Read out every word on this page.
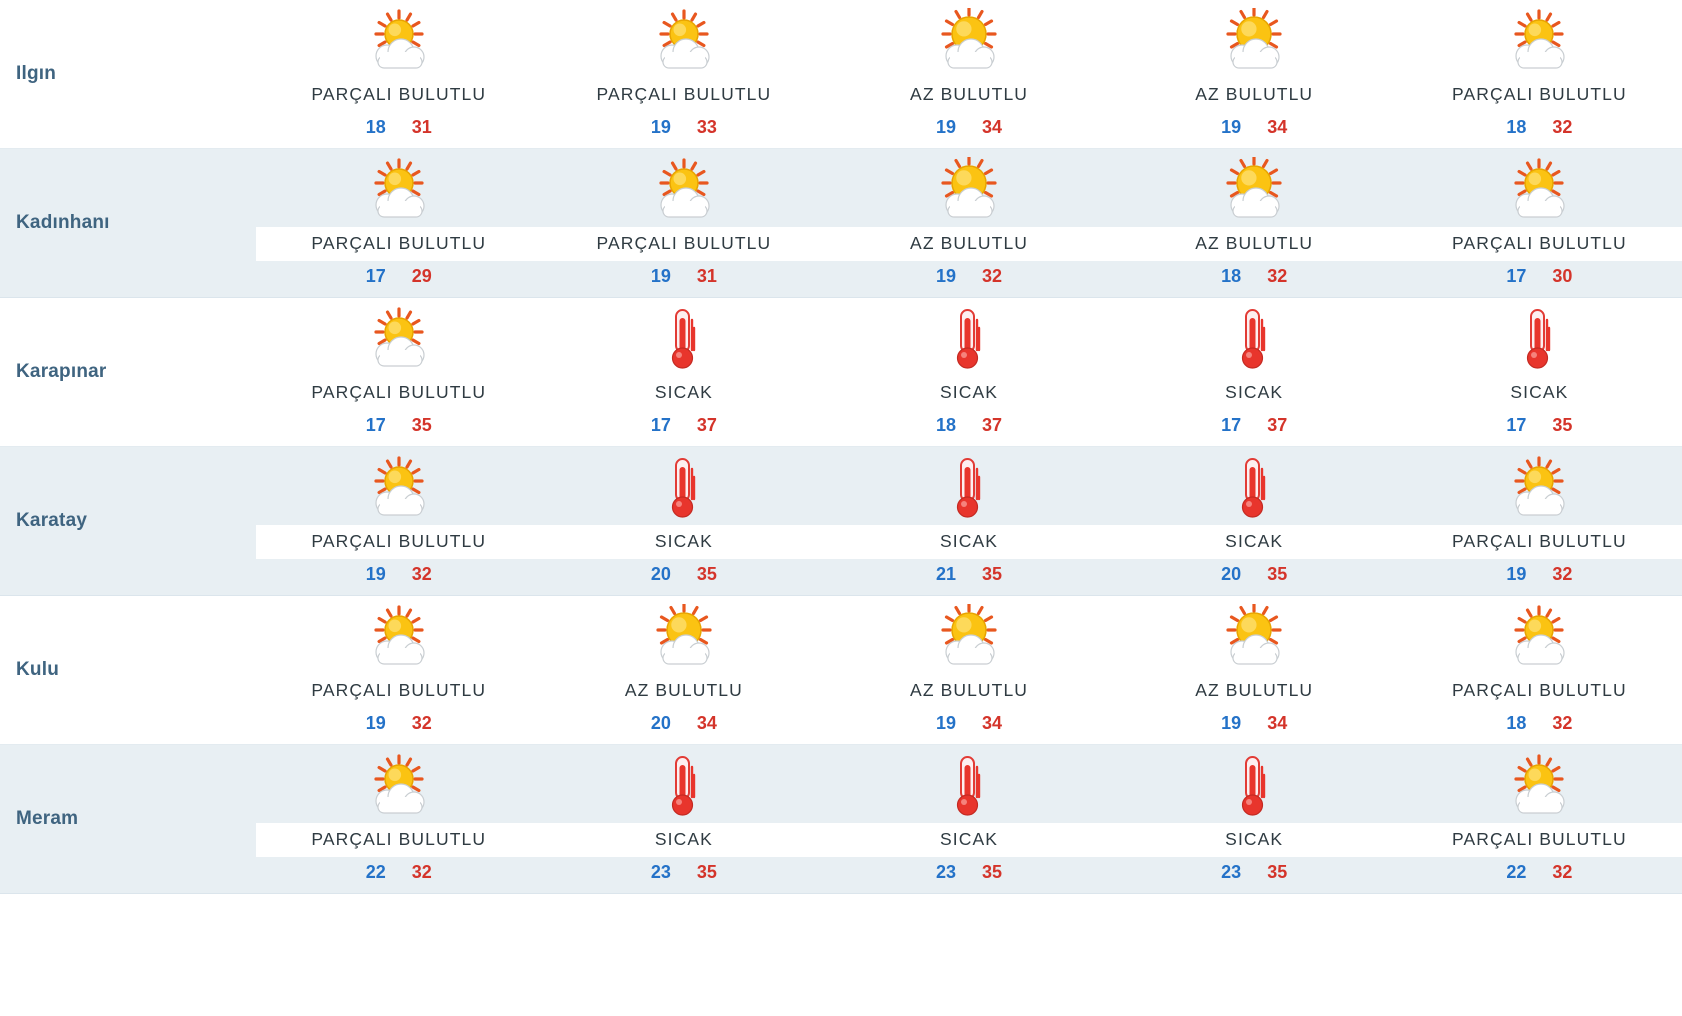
Ilgın	
PARÇALI BULUTLU
18 31

PARÇALI BULUTLU
19 33

AZ BULUTLU
19 34

AZ BULUTLU
19 34

PARÇALI BULUTLU
18 32

Kadınhanı	
PARÇALI BULUTLU
17 29

PARÇALI BULUTLU
19 31

AZ BULUTLU
19 32

AZ BULUTLU
18 32

PARÇALI BULUTLU
17 30

Karapınar	
PARÇALI BULUTLU
17 35

SICAK
17 37

SICAK
18 37

SICAK
17 37

SICAK
17 35

Karatay	
PARÇALI BULUTLU
19 32

SICAK
20 35

SICAK
21 35

SICAK
20 35

PARÇALI BULUTLU
19 32

Kulu	
PARÇALI BULUTLU
19 32

AZ BULUTLU
20 34

AZ BULUTLU
19 34

AZ BULUTLU
19 34

PARÇALI BULUTLU
18 32

Meram	
PARÇALI BULUTLU
22 32

SICAK
23 35

SICAK
23 35

SICAK
23 35

PARÇALI BULUTLU
22 32
